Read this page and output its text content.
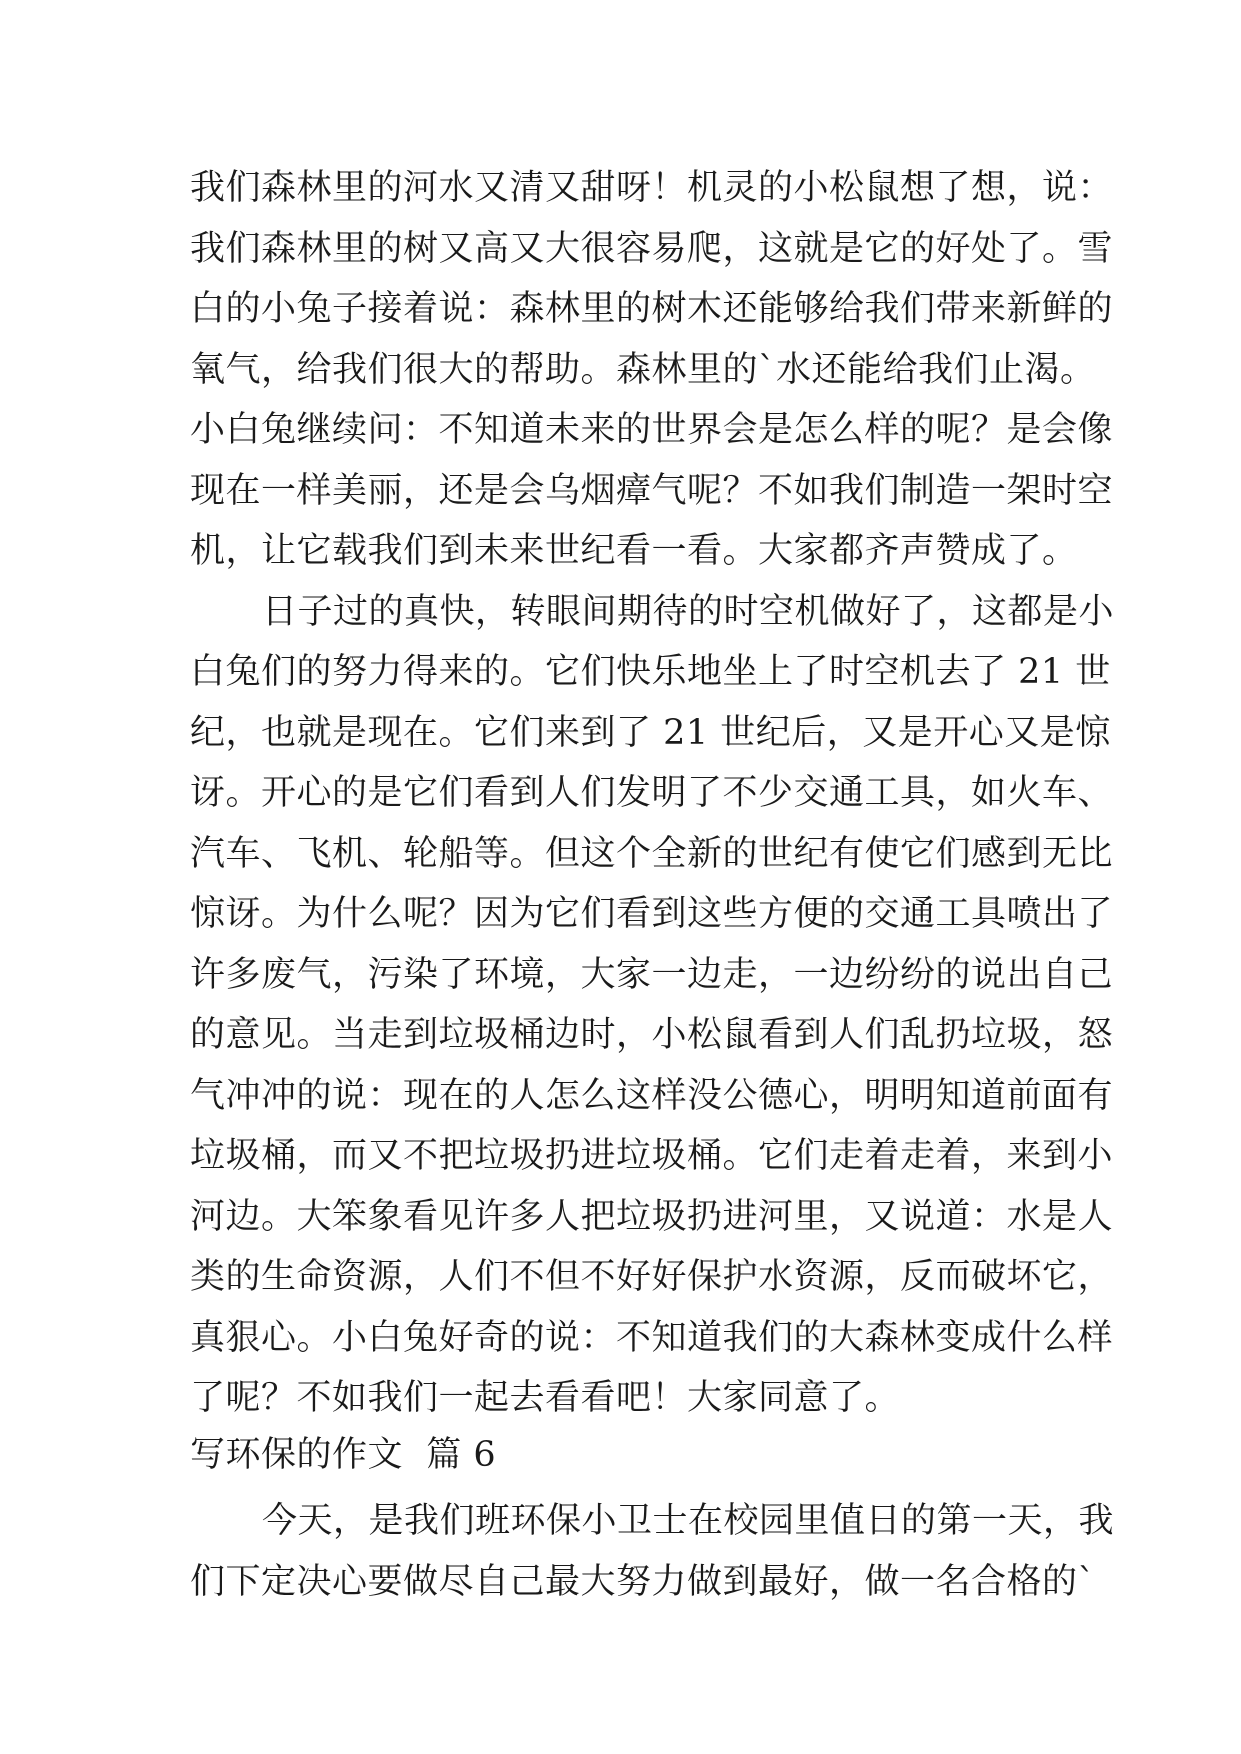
我们森林里的河水又清又甜呀！机灵的小松鼠想了想，说：
我们森林里的树又高又大很容易爬，这就是它的好处了。雪
白的小兔子接着说：森林里的树木还能够给我们带来新鲜的
氧气，给我们很大的帮助。森林里的`水还能给我们止渴。
小白兔继续问：不知道未来的世界会是怎么样的呢？是会像
现在一样美丽，还是会乌烟瘴气呢？不如我们制造一架时空
机，让它载我们到未来世纪看一看。大家都齐声赞成了。
日子过的真快，转眼间期待的时空机做好了，这都是小
白兔们的努力得来的。它们快乐地坐上了时空机去了 21 世
纪，也就是现在。它们来到了 21 世纪后，又是开心又是惊
讶。开心的是它们看到人们发明了不少交通工具，如火车、
汽车、飞机、轮船等。但这个全新的世纪有使它们感到无比
惊讶。为什么呢？因为它们看到这些方便的交通工具喷出了
许多废气，污染了环境，大家一边走，一边纷纷的说出自己
的意见。当走到垃圾桶边时，小松鼠看到人们乱扔垃圾，怒
气冲冲的说：现在的人怎么这样没公德心，明明知道前面有
垃圾桶，而又不把垃圾扔进垃圾桶。它们走着走着，来到小
河边。大笨象看见许多人把垃圾扔进河里，又说道：水是人
类的生命资源，人们不但不好好保护水资源，反而破坏它，
真狠心。小白兔好奇的说：不知道我们的大森林变成什么样
了呢？不如我们一起去看看吧！大家同意了。
写环保的作文  篇 6
今天，是我们班环保小卫士在校园里值日的第一天，我
们下定决心要做尽自己最大努力做到最好，做一名合格的`
